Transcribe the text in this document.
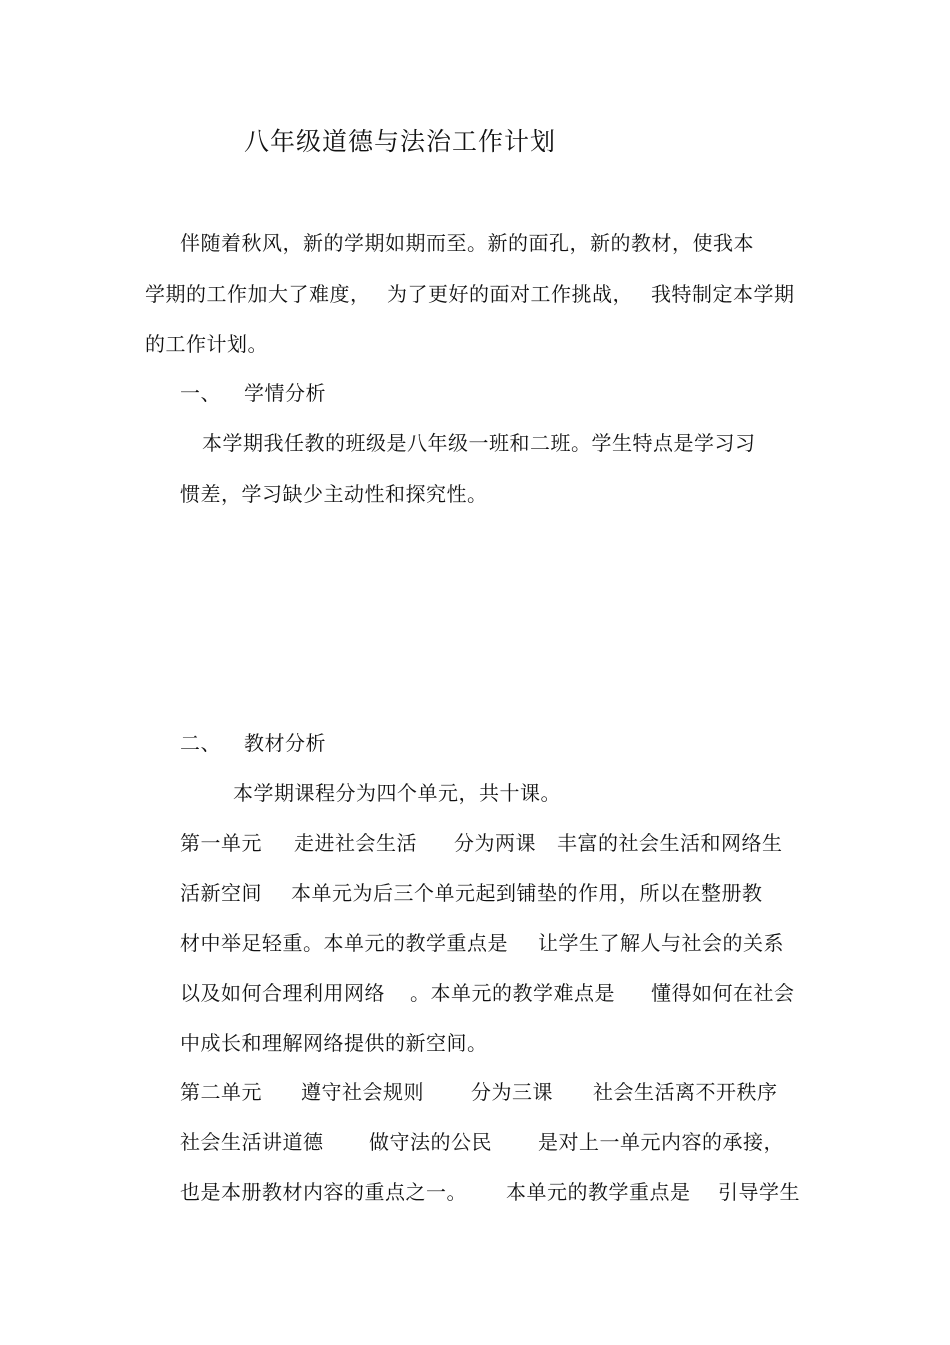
八年级道德与法治工作计划
伴随着秋风，新的学期如期而至。新的面孔，新的教材，使我本
学期的工作加大了难度， 为了更好的面对工作挑战， 我特制定本学期
的工作计划。
一、 学情分析
本学期我任教的班级是八年级一班和二班。学生特点是学习习
惯差，学习缺少主动性和探究性。
二、 教材分析
本学期课程分为四个单元，共十课。
第一单元 走进社会生活 分为两课 丰富的社会生活和网络生
活新空间 本单元为后三个单元起到铺垫的作用，所以在整册教
材中举足轻重。本单元的教学重点是 让学生了解人与社会的关系
以及如何合理利用网络 。本单元的教学难点是 懂得如何在社会
中成长和理解网络提供的新空间。
第二单元 遵守社会规则 分为三课 社会生活离不开秩序
社会生活讲道德 做守法的公民 是对上一单元内容的承接，
也是本册教材内容的重点之一。 本单元的教学重点是 引导学生
